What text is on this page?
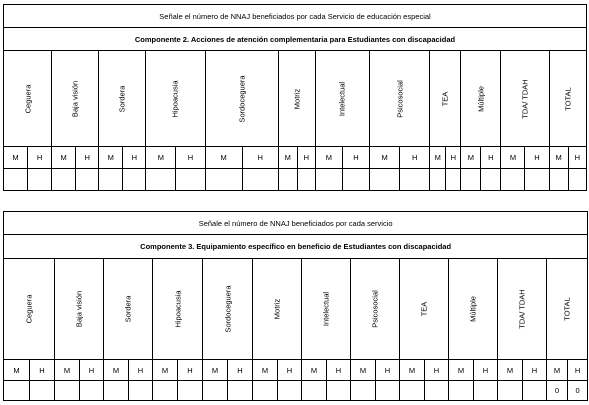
Señale el número de NNAJ beneficiados por cada Servicio de educación especial																							
Componente 2. Acciones de atención complementaria para Estudiantes con discapacidad																							

Ceguera		Baja visión		Sordera		Hipoacusia		Sordoceguera		Motriz		Intelectual		Psicosocial		TEA		Múltiple		TDA/ TDAH		TOTAL	

M	H	M	H	M	H	M	H	M	H	M	H	M	H	M	H	M	H	M	H	M	H	M	H

Señale el número de NNAJ beneficiados por cada servicio																							
Componente 3. Equipamiento específico en beneficio de Estudiantes con discapacidad																							

Ceguera		Baja visión		Sordera		Hipoacusia		Sordoceguera		Motriz		Intelectual		Psicosocial		TEA		Múltiple		TDA/ TDAH		TOTAL	

M	H	M	H	M	H	M	H	M	H	M	H	M	H	M	H	M	H	M	H	M	H	M	H
																						0	0
